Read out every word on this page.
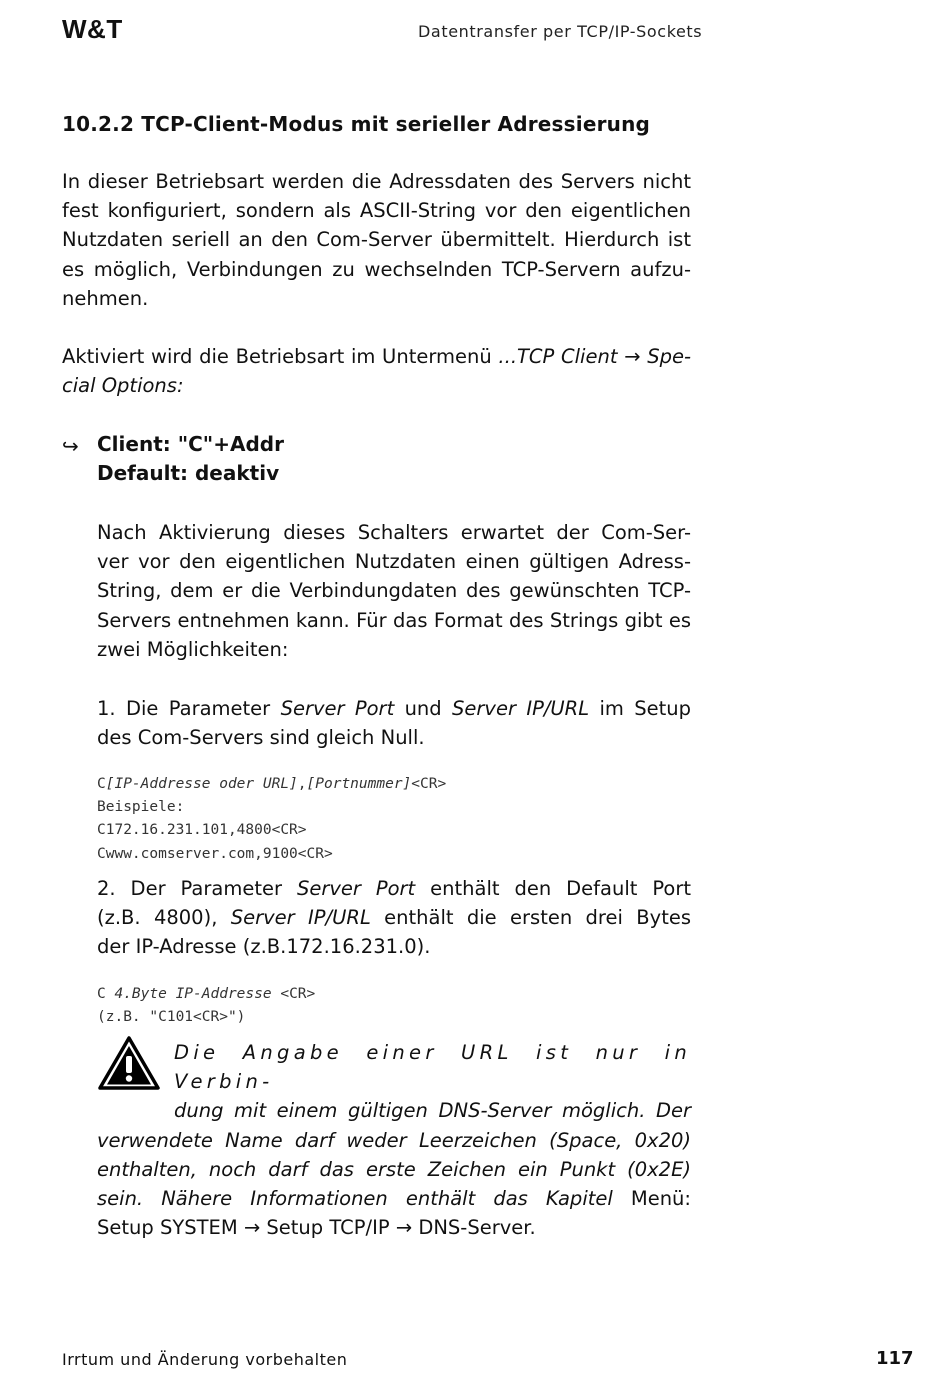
W&T	Datentransfer per TCP/IP-Sockets
10.2.2 TCP-Client-Modus mit serieller Adressierung
In dieser Betriebsart werden die Adressdaten des Servers nicht
fest konfiguriert, sondern als ASCII-String vor den eigentlichen
Nutzdaten seriell an den Com-Server übermittelt. Hierdurch ist
es möglich, Verbindungen zu wechselnden TCP-Servern aufzu-
nehmen.
Aktiviert wird die Betriebsart im Untermenü ...TCP Client → Spe-
cial Options:
↪ Client: "C"+Addr
Default: deaktiv
Nach Aktivierung dieses Schalters erwartet der Com-Ser-
ver vor den eigentlichen Nutzdaten einen gültigen Adress-
String, dem er die Verbindungdaten des gewünschten TCP-
Servers entnehmen kann. Für das Format des Strings gibt es
zwei Möglichkeiten:
1. Die Parameter Server Port und Server IP/URL im Setup
des Com-Servers sind gleich Null.
C[IP-Addresse oder URL],[Portnummer]<CR>
Beispiele:
C172.16.231.101,4800<CR>
Cwww.comserver.com,9100<CR>
2. Der Parameter Server Port enthält den Default Port
(z.B. 4800), Server IP/URL enthält die ersten drei Bytes
der IP-Adresse (z.B.172.16.231.0).
C 4.Byte IP-Addresse <CR>
(z.B. "C101<CR>")
Die Angabe einer URL ist nur in Verbin-
dung mit einem gültigen DNS-Server möglich. Der
verwendete Name darf weder Leerzeichen (Space, 0x20)
enthalten, noch darf das erste Zeichen ein Punkt (0x2E)
sein. Nähere Informationen enthält das Kapitel Menü:
Setup SYSTEM → Setup TCP/IP → DNS-Server.
Irrtum und Änderung vorbehalten	117
